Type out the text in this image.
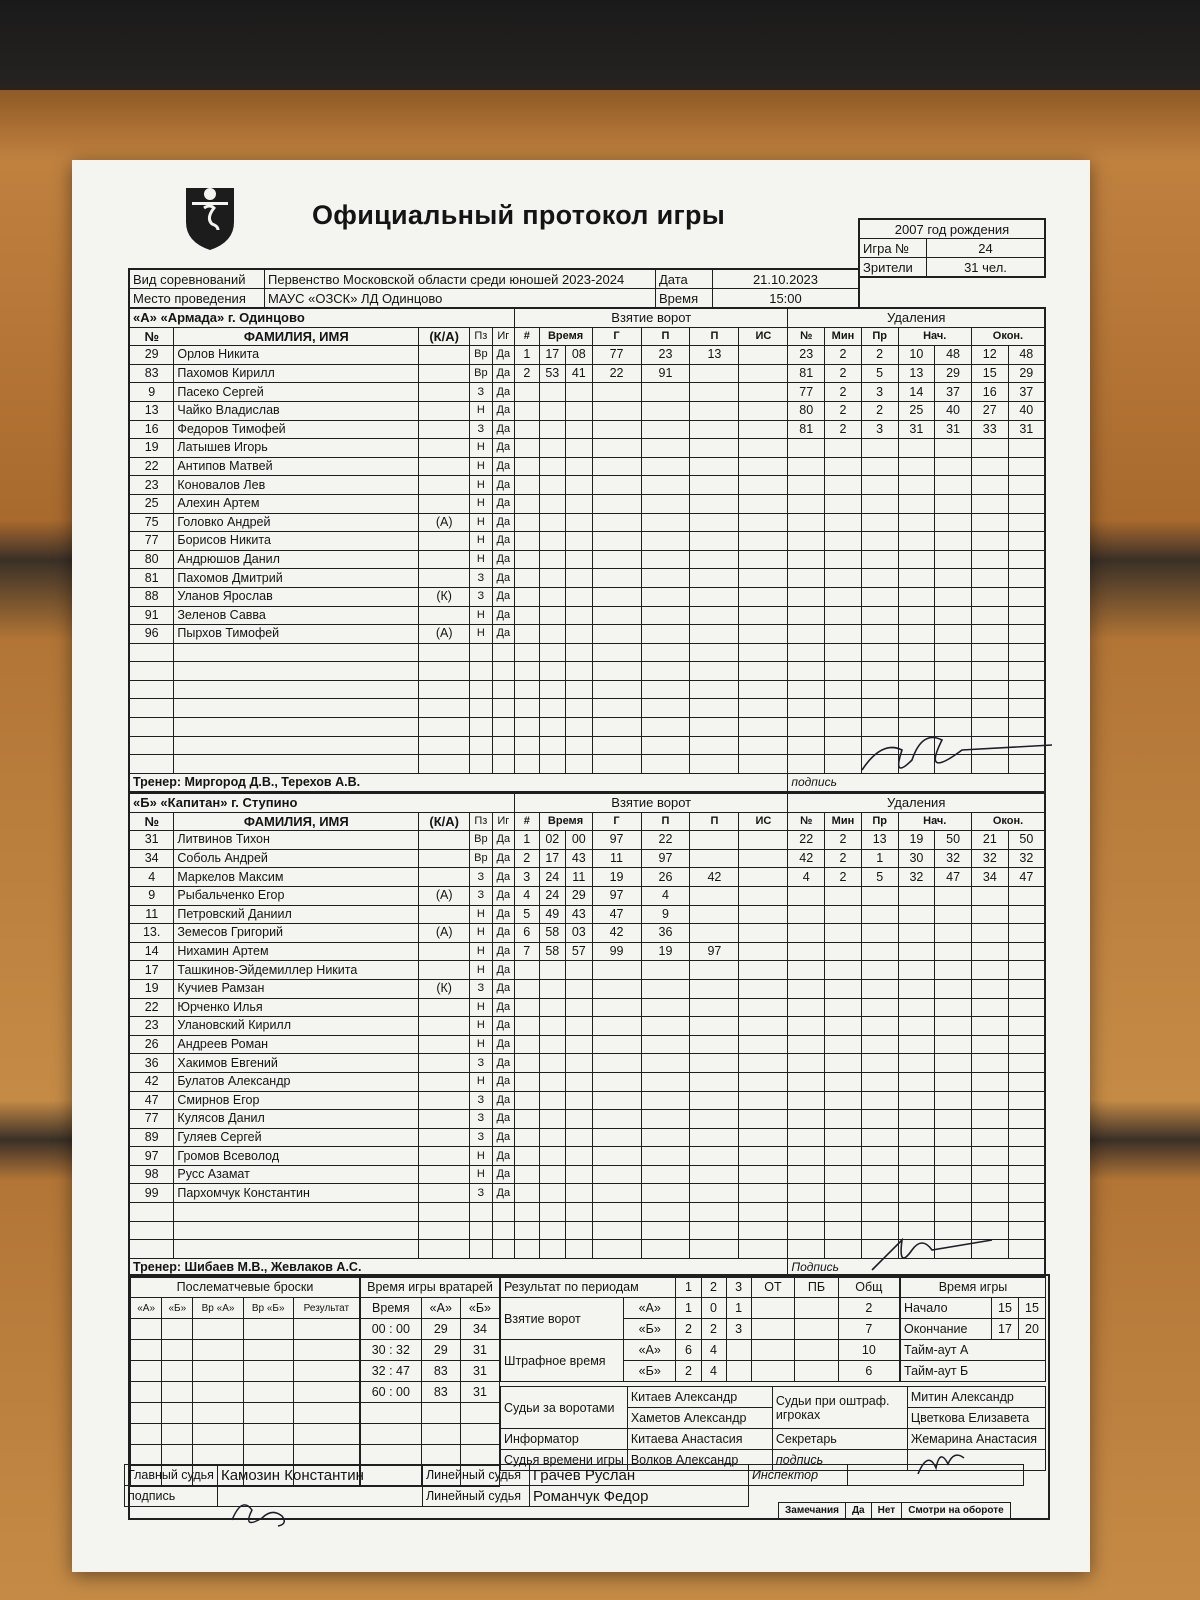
Официальный протокол игры	2007 год рождения	
Игра №	24
Зрители	31 чел.
Вид соревнований	Первенство Московской области среди юношей 2023-2024	Дата	21.10.2023
Место проведения	МАУС «ОЗСК» ЛД Одинцово	Время	15:00
«А» «Армада» г. Одинцово					Взятие ворот							Удаления						
№	ФАМИЛИЯ, ИМЯ	(К/А)	Пз	Иг	#	Время		Г	П	П	ИС	№	Мин	Пр	Нач.		Окон.	
29	Орлов Никита		Вр	Да	1	17	08	77	23	13		23	2	2	10	48	12	48
83	Пахомов Кирилл		Вр	Да	2	53	41	22	91			81	2	5	13	29	15	29
9	Пасеко Сергей		З	Да								77	2	3	14	37	16	37
13	Чайко Владислав		Н	Да								80	2	2	25	40	27	40
16	Федоров Тимофей		З	Да								81	2	3	31	31	33	31
19	Латышев Игорь		Н	Да														
22	Антипов Матвей		Н	Да														
23	Коновалов Лев		Н	Да														
25	Алехин Артем		Н	Да														
75	Головко Андрей	(А)	Н	Да														
77	Борисов Никита		Н	Да														
80	Андрюшов Данил		Н	Да														
81	Пахомов Дмитрий		З	Да														
88	Уланов Ярослав	(К)	З	Да														
91	Зеленов Савва		Н	Да														
96	Пырхов Тимофей	(А)	Н	Да														

Тренер: Миргород Д.В., Терехов А.В.												подпись						
«Б» «Капитан» г. Ступино					Взятие ворот							Удаления						
№	ФАМИЛИЯ, ИМЯ	(К/А)	Пз	Иг	#	Время		Г	П	П	ИС	№	Мин	Пр	Нач.		Окон.	
31	Литвинов Тихон		Вр	Да	1	02	00	97	22			22	2	13	19	50	21	50
34	Соболь Андрей		Вр	Да	2	17	43	11	97			42	2	1	30	32	32	32
4	Маркелов Максим		З	Да	3	24	11	19	26	42		4	2	5	32	47	34	47
9	Рыбальченко Егор	(А)	З	Да	4	24	29	97	4									
11	Петровский Даниил		Н	Да	5	49	43	47	9									
13.	Земесов Григорий	(А)	Н	Да	6	58	03	42	36									
14	Нихамин Артем		Н	Да	7	58	57	99	19	97								
17	Ташкинов-Эйдемиллер Никита		Н	Да														
19	Кучиев Рамзан	(К)	З	Да														
22	Юрченко Илья		Н	Да														
23	Улановский Кирилл		Н	Да														
26	Андреев Роман		Н	Да														
36	Хакимов Евгений		З	Да														
42	Булатов Александр		Н	Да														
47	Смирнов Егор		З	Да														
77	Кулясов Данил		З	Да														
89	Гуляев Сергей		З	Да														
97	Громов Всеволод		Н	Да														
98	Русс Азамат		Н	Да														
99	Пархомчук Константин		З	Да														

Тренер: Шибаев М.В., Жевлаков А.С.												Подпись						
Послематчевые броски				
«А»	«Б»	Вр «А»	Вр «Б»	Результат

Время игры вратарей		
Время	«А»	«Б»
00 : 00	29	34
30 : 32	29	31
32 : 47	83	31
60 : 00	83	31

Результат по периодам		1	2	3	ОТ	ПБ	Общ
Взятие ворот	«А»	1	0	1			2
	«Б»	2	2	3			7
Штрафное время	«А»	6	4				10
	«Б»	2	4				6
Время игры		
Начало	15	15
Окончание	17	20
Тайм-аут А		
Тайм-аут Б		
Судьи за воротами	Китаев Александр	Судьи при оштраф. игроках	Митин Александр
	Хаметов Александр		Цветкова Елизавета
Информатор	Китаева Анастасия	Секретарь	Жемарина Анастасия
Судья времени игры	Волков Александр	подпись	
Главный судья	Камозин Константин	Линейный судья	Грачев Руслан	Инспектор	
подпись		Линейный судья	Романчук Федор		
Замечания	Да	Нет	Смотри на обороте
